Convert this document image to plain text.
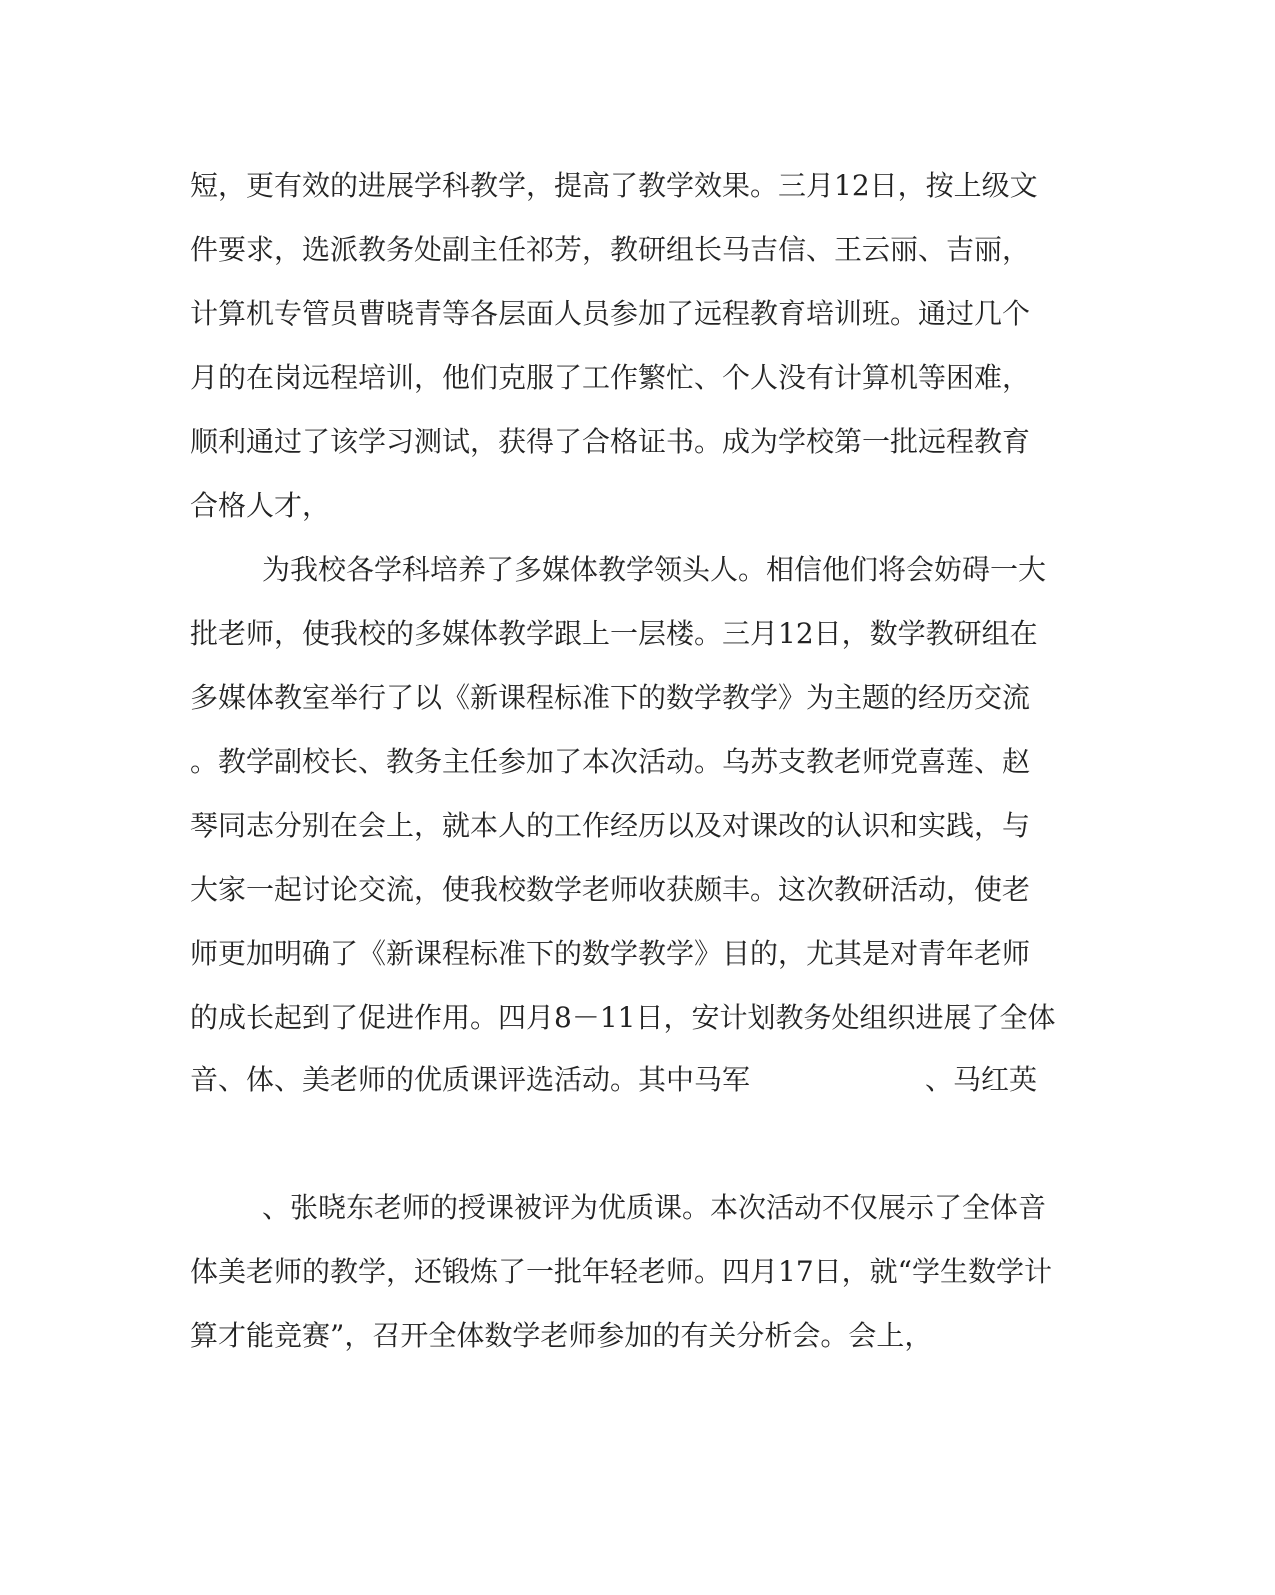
短，更有效的进展学科教学，提高了教学效果。三月12日，按上级文

件要求，选派教务处副主任祁芳，教研组长马吉信、王云丽、吉丽，

计算机专管员曹晓青等各层面人员参加了远程教育培训班。通过几个

月的在岗远程培训，他们克服了工作繁忙、个人没有计算机等困难，

顺利通过了该学习测试，获得了合格证书。成为学校第一批远程教育

合格人才，

为我校各学科培养了多媒体教学领头人。相信他们将会妨碍一大

批老师，使我校的多媒体教学跟上一层楼。三月12日，数学教研组在

多媒体教室举行了以《新课程标准下的数学教学》为主题的经历交流

。教学副校长、教务主任参加了本次活动。乌苏支教老师党喜莲、赵

琴同志分别在会上，就本人的工作经历以及对课改的认识和实践，与

大家一起讨论交流，使我校数学老师收获颇丰。这次教研活动，使老

师更加明确了《新课程标准下的数学教学》目的，尤其是对青年老师

的成长起到了促进作用。四月8－11日，安计划教务处组织进展了全体

音、体、美老师的优质课评选活动。其中马军	、马红英

、张晓东老师的授课被评为优质课。本次活动不仅展示了全体音

体美老师的教学，还锻炼了一批年轻老师。四月17日，就“学生数学计

算才能竞赛”，召开全体数学老师参加的有关分析会。会上，
